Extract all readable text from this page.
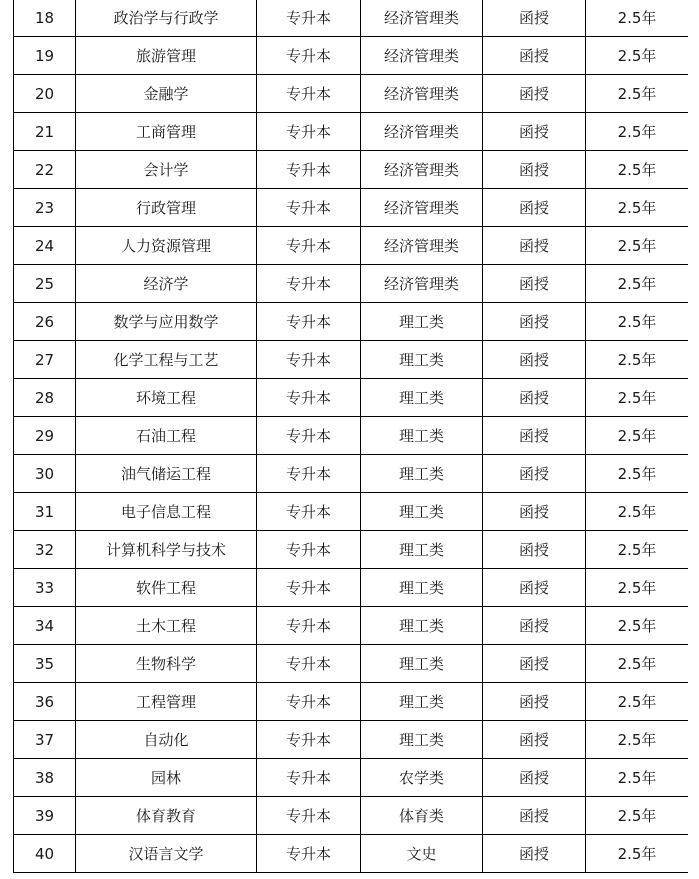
18	政治学与行政学	专升本	经济管理类	函授	2.5年
19	旅游管理	专升本	经济管理类	函授	2.5年
20	金融学	专升本	经济管理类	函授	2.5年
21	工商管理	专升本	经济管理类	函授	2.5年
22	会计学	专升本	经济管理类	函授	2.5年
23	行政管理	专升本	经济管理类	函授	2.5年
24	人力资源管理	专升本	经济管理类	函授	2.5年
25	经济学	专升本	经济管理类	函授	2.5年
26	数学与应用数学	专升本	理工类	函授	2.5年
27	化学工程与工艺	专升本	理工类	函授	2.5年
28	环境工程	专升本	理工类	函授	2.5年
29	石油工程	专升本	理工类	函授	2.5年
30	油气储运工程	专升本	理工类	函授	2.5年
31	电子信息工程	专升本	理工类	函授	2.5年
32	计算机科学与技术	专升本	理工类	函授	2.5年
33	软件工程	专升本	理工类	函授	2.5年
34	土木工程	专升本	理工类	函授	2.5年
35	生物科学	专升本	理工类	函授	2.5年
36	工程管理	专升本	理工类	函授	2.5年
37	自动化	专升本	理工类	函授	2.5年
38	园林	专升本	农学类	函授	2.5年
39	体育教育	专升本	体育类	函授	2.5年
40	汉语言文学	专升本	文史	函授	2.5年
